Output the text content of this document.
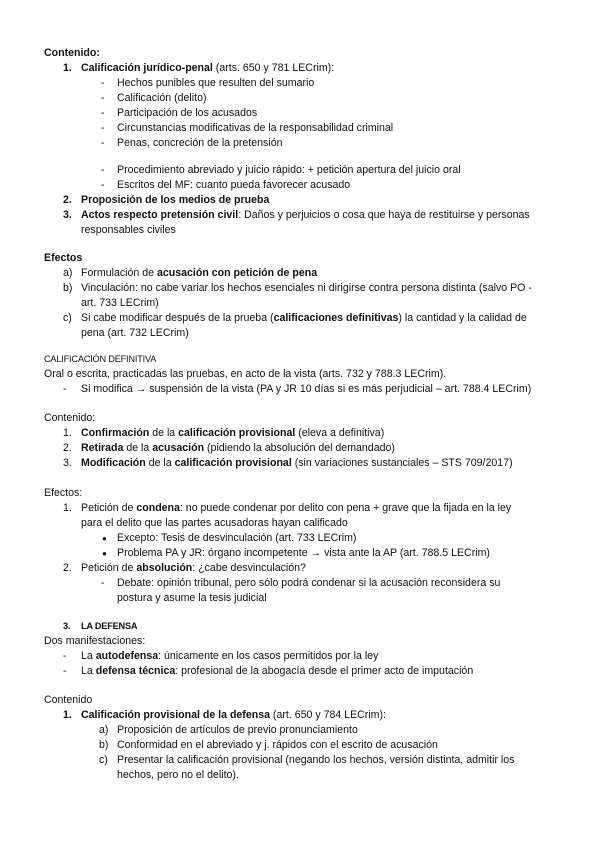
Contenido:
1. Calificación jurídico-penal (arts. 650 y 781 LECrim):
- Hechos punibles que resulten del sumario
- Calificación (delito)
- Participación de los acusados
- Circunstancias modificativas de la responsabilidad criminal
- Penas, concreción de la pretensión
- Procedimiento abreviado y juicio rápido: + petición apertura del juicio oral
- Escritos del MF: cuanto pueda favorecer acusado
2. Proposición de los medios de prueba
3. Actos respecto pretensión civil: Daños y perjuicios o cosa que haya de restituirse y personas
responsables civiles
Efectos
a) Formulación de acusación con petición de pena
b) Vinculación: no cabe variar los hechos esenciales ni dirigirse contra persona distinta (salvo PO -
art. 733 LECrim)
c) Si cabe modificar después de la prueba (calificaciones definitivas) la cantidad y la calidad de
pena (art. 732 LECrim)
CALIFICACIÓN DEFINITIVA
Oral o escrita, practicadas las pruebas, en acto de la vista (arts. 732 y 788.3 LECrim).
- Si modifica → suspensión de la vista (PA y JR 10 días si es más perjudicial – art. 788.4 LECrim)
Contenido:
1. Confirmación de la calificación provisional (eleva a definitiva)
2. Retirada de la acusación (pidiendo la absolución del demandado)
3. Modificación de la calificación provisional (sin variaciones sustanciales – STS 709/2017)
Efectos:
1. Petición de condena: no puede condenar por delito con pena + grave que la fijada en la ley
para el delito que las partes acusadoras hayan calificado
● Excepto: Tesis de desvinculación (art. 733 LECrim)
● Problema PA y JR: órgano incompetente → vista ante la AP (art. 788.5 LECrim)
2. Petición de absolución: ¿cabe desvinculación?
- Debate: opinión tribunal, pero sólo podrá condenar si la acusación reconsidera su
postura y asume la tesis judicial
3. LA DEFENSA
Dos manifestaciones:
- La autodefensa: únicamente en los casos permitidos por la ley
- La defensa técnica: profesional de la abogacía desde el primer acto de imputación
Contenido
1. Calificación provisional de la defensa (art. 650 y 784 LECrim):
a) Proposición de artículos de previo pronunciamiento
b) Conformidad en el abreviado y j. rápidos con el escrito de acusación
c) Presentar la calificación provisional (negando los hechos, versión distinta, admitir los
hechos, pero no el delito).
